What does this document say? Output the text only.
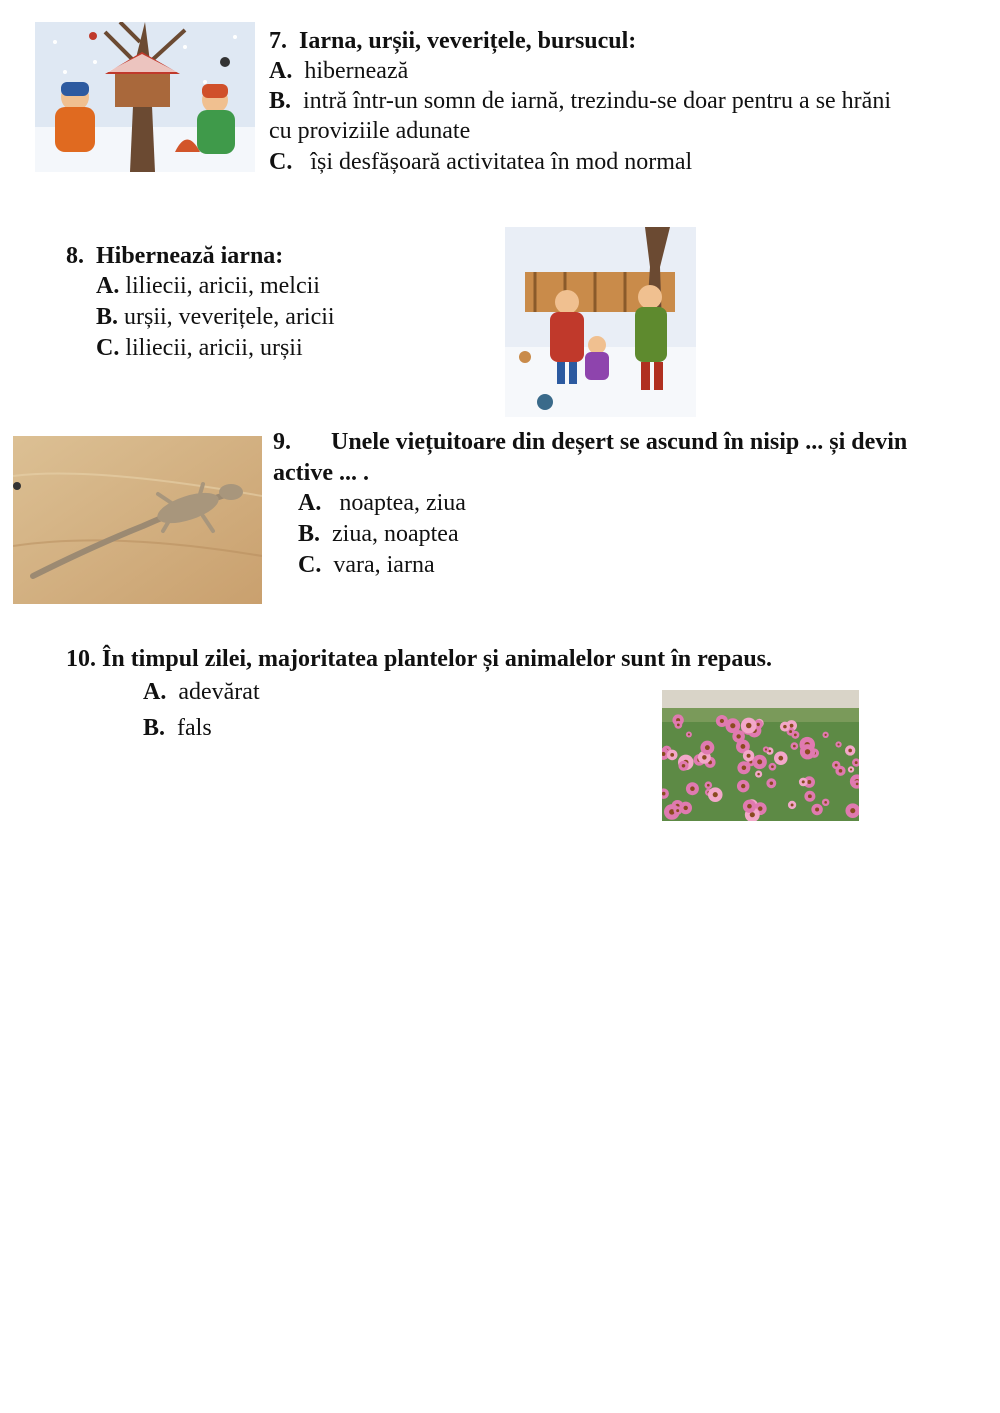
7. Iarna, urșii, veverițele, bursucul:
A. hibernează
B. intră într-un somn de iarnă, trezindu-se doar pentru a se hrăni
cu proviziile adunate
C. își desfășoară activitatea în mod normal
8. Hibernează iarna:
A. liliecii, aricii, melcii
B. urșii, veverițele, aricii
C. liliecii, aricii, urșii
9. Unele viețuitoare din deșert se ascund în nisip ... și devin
active ... .
A. noaptea, ziua
B. ziua, noaptea
C. vara, iarna
10. În timpul zilei, majoritatea plantelor și animalelor sunt în repaus.
A. adevărat
B. fals
